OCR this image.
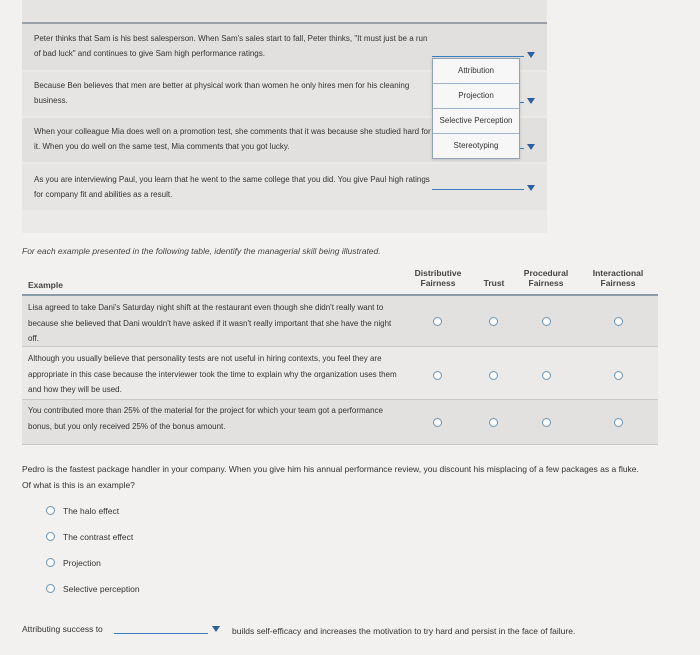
Peter thinks that Sam is his best salesperson. When Sam's sales start to fall, Peter thinks, "It must just be a run of bad luck" and continues to give Sam high performance ratings.
Because Ben believes that men are better at physical work than women he only hires men for his cleaning business.
When your colleague Mia does well on a promotion test, she comments that it was because she studied hard for it. When you do well on the same test, Mia comments that you got lucky.
As you are interviewing Paul, you learn that he went to the same college that you did. You give Paul high ratings for company fit and abilities as a result.
Attribution
Projection
Selective Perception
Stereotyping
For each example presented in the following table, identify the managerial skill being illustrated.
Example
Distributive Fairness	Trust
Procedural Fairness
Interactional Fairness
Lisa agreed to take Dani's Saturday night shift at the restaurant even though she didn't really want to because she believed that Dani wouldn't have asked if it wasn't really important that she have the night off.
Although you usually believe that personality tests are not useful in hiring contexts, you feel they are appropriate in this case because the interviewer took the time to explain why the organization uses them and how they will be used.
You contributed more than 25% of the material for the project for which your team got a performance bonus, but you only received 25% of the bonus amount.
Pedro is the fastest package handler in your company. When you give him his annual performance review, you discount his misplacing of a few packages as a fluke. Of what is this is an example?
The halo effect
The contrast effect
Projection
Selective perception
Attributing success to	builds self-efficacy and increases the motivation to try hard and persist in the face of failure.
